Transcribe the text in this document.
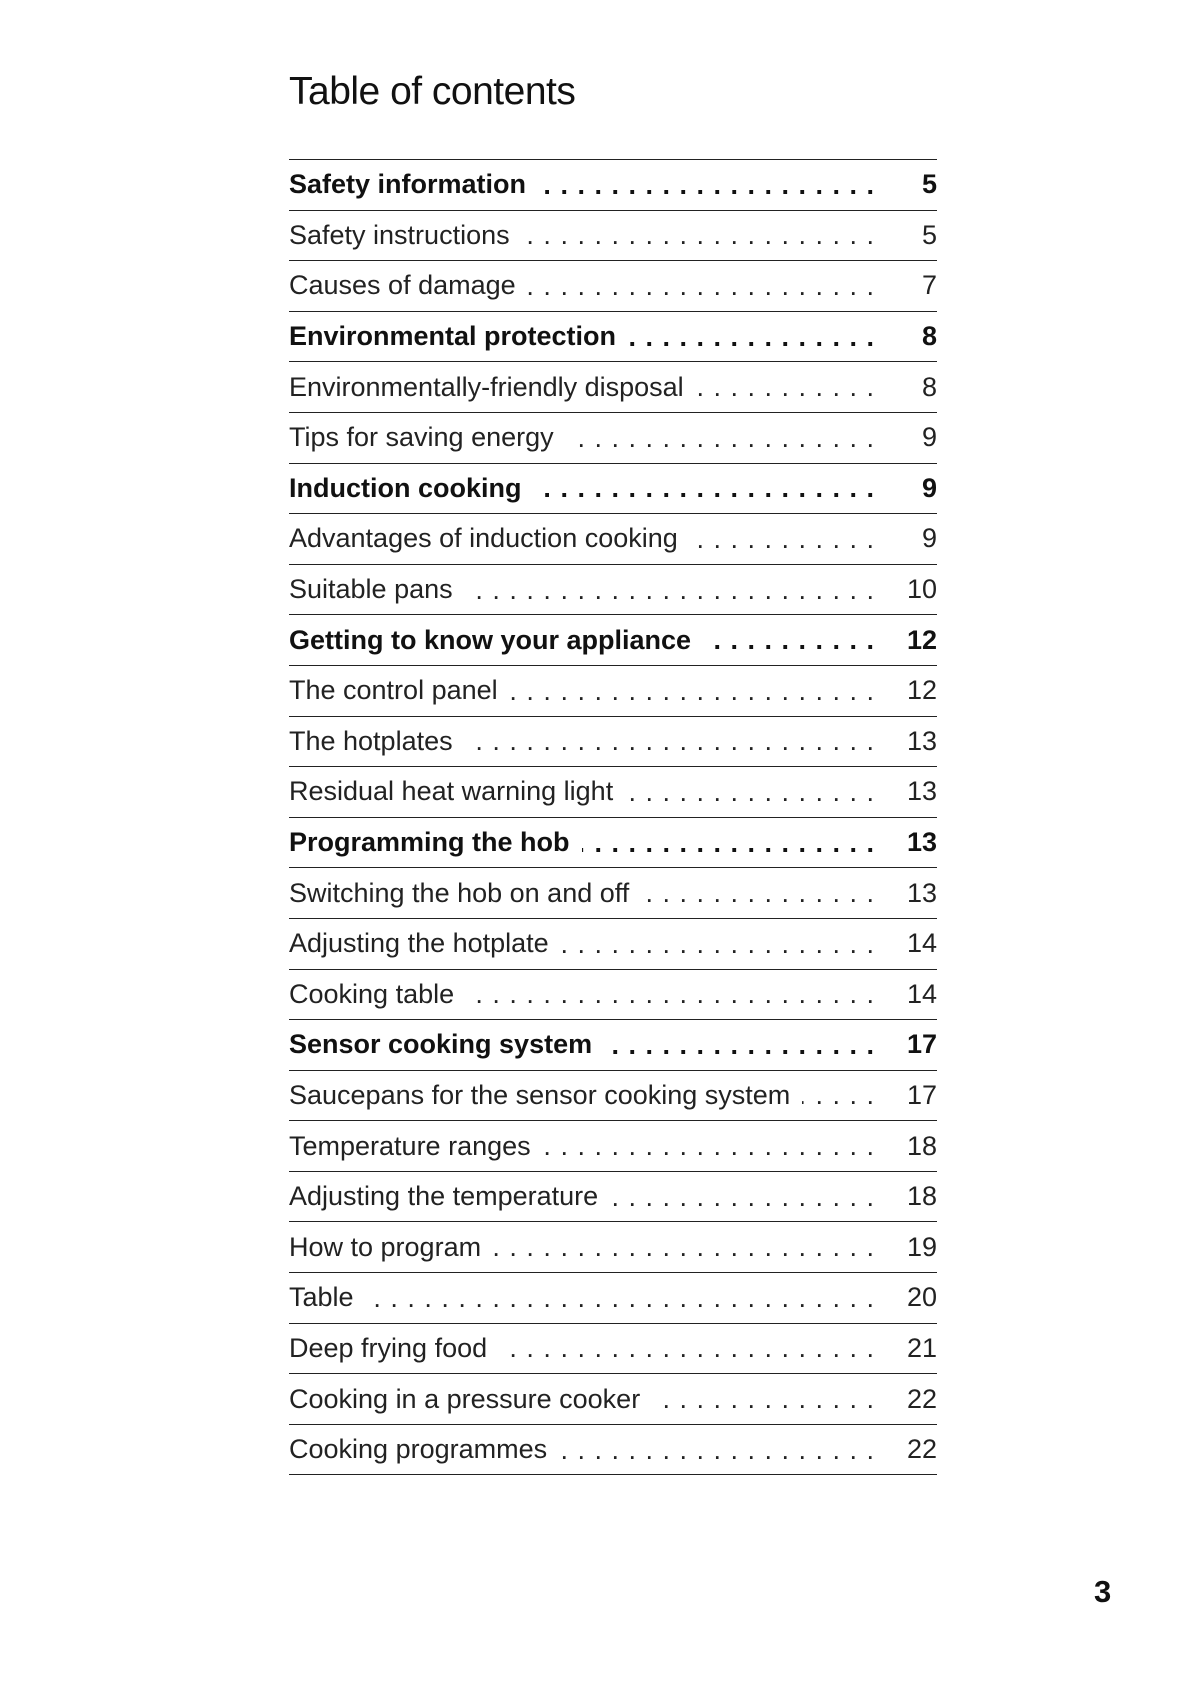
Table of contents
Safety information . . .	5
Safety instructions . . .	5
Causes of damage . . .	7
Environmental protection . . .	8
Environmentally-friendly disposal . . .	8
Tips for saving energy . . .	9
Induction cooking . . .	9
Advantages of induction cooking . . .	9
Suitable pans . . .	10
Getting to know your appliance . . .	12
The control panel . . .	12
The hotplates . . .	13
Residual heat warning light . . .	13
Programming the hob . . .	13
Switching the hob on and off . . .	13
Adjusting the hotplate . . .	14
Cooking table . . .	14
Sensor cooking system . . .	17
Saucepans for the sensor cooking system . . .	17
Temperature ranges . . .	18
Adjusting the temperature . . .	18
How to program . . .	19
Table . . .	20
Deep frying food . . .	21
Cooking in a pressure cooker . . .	22
Cooking programmes . . .	22
3
